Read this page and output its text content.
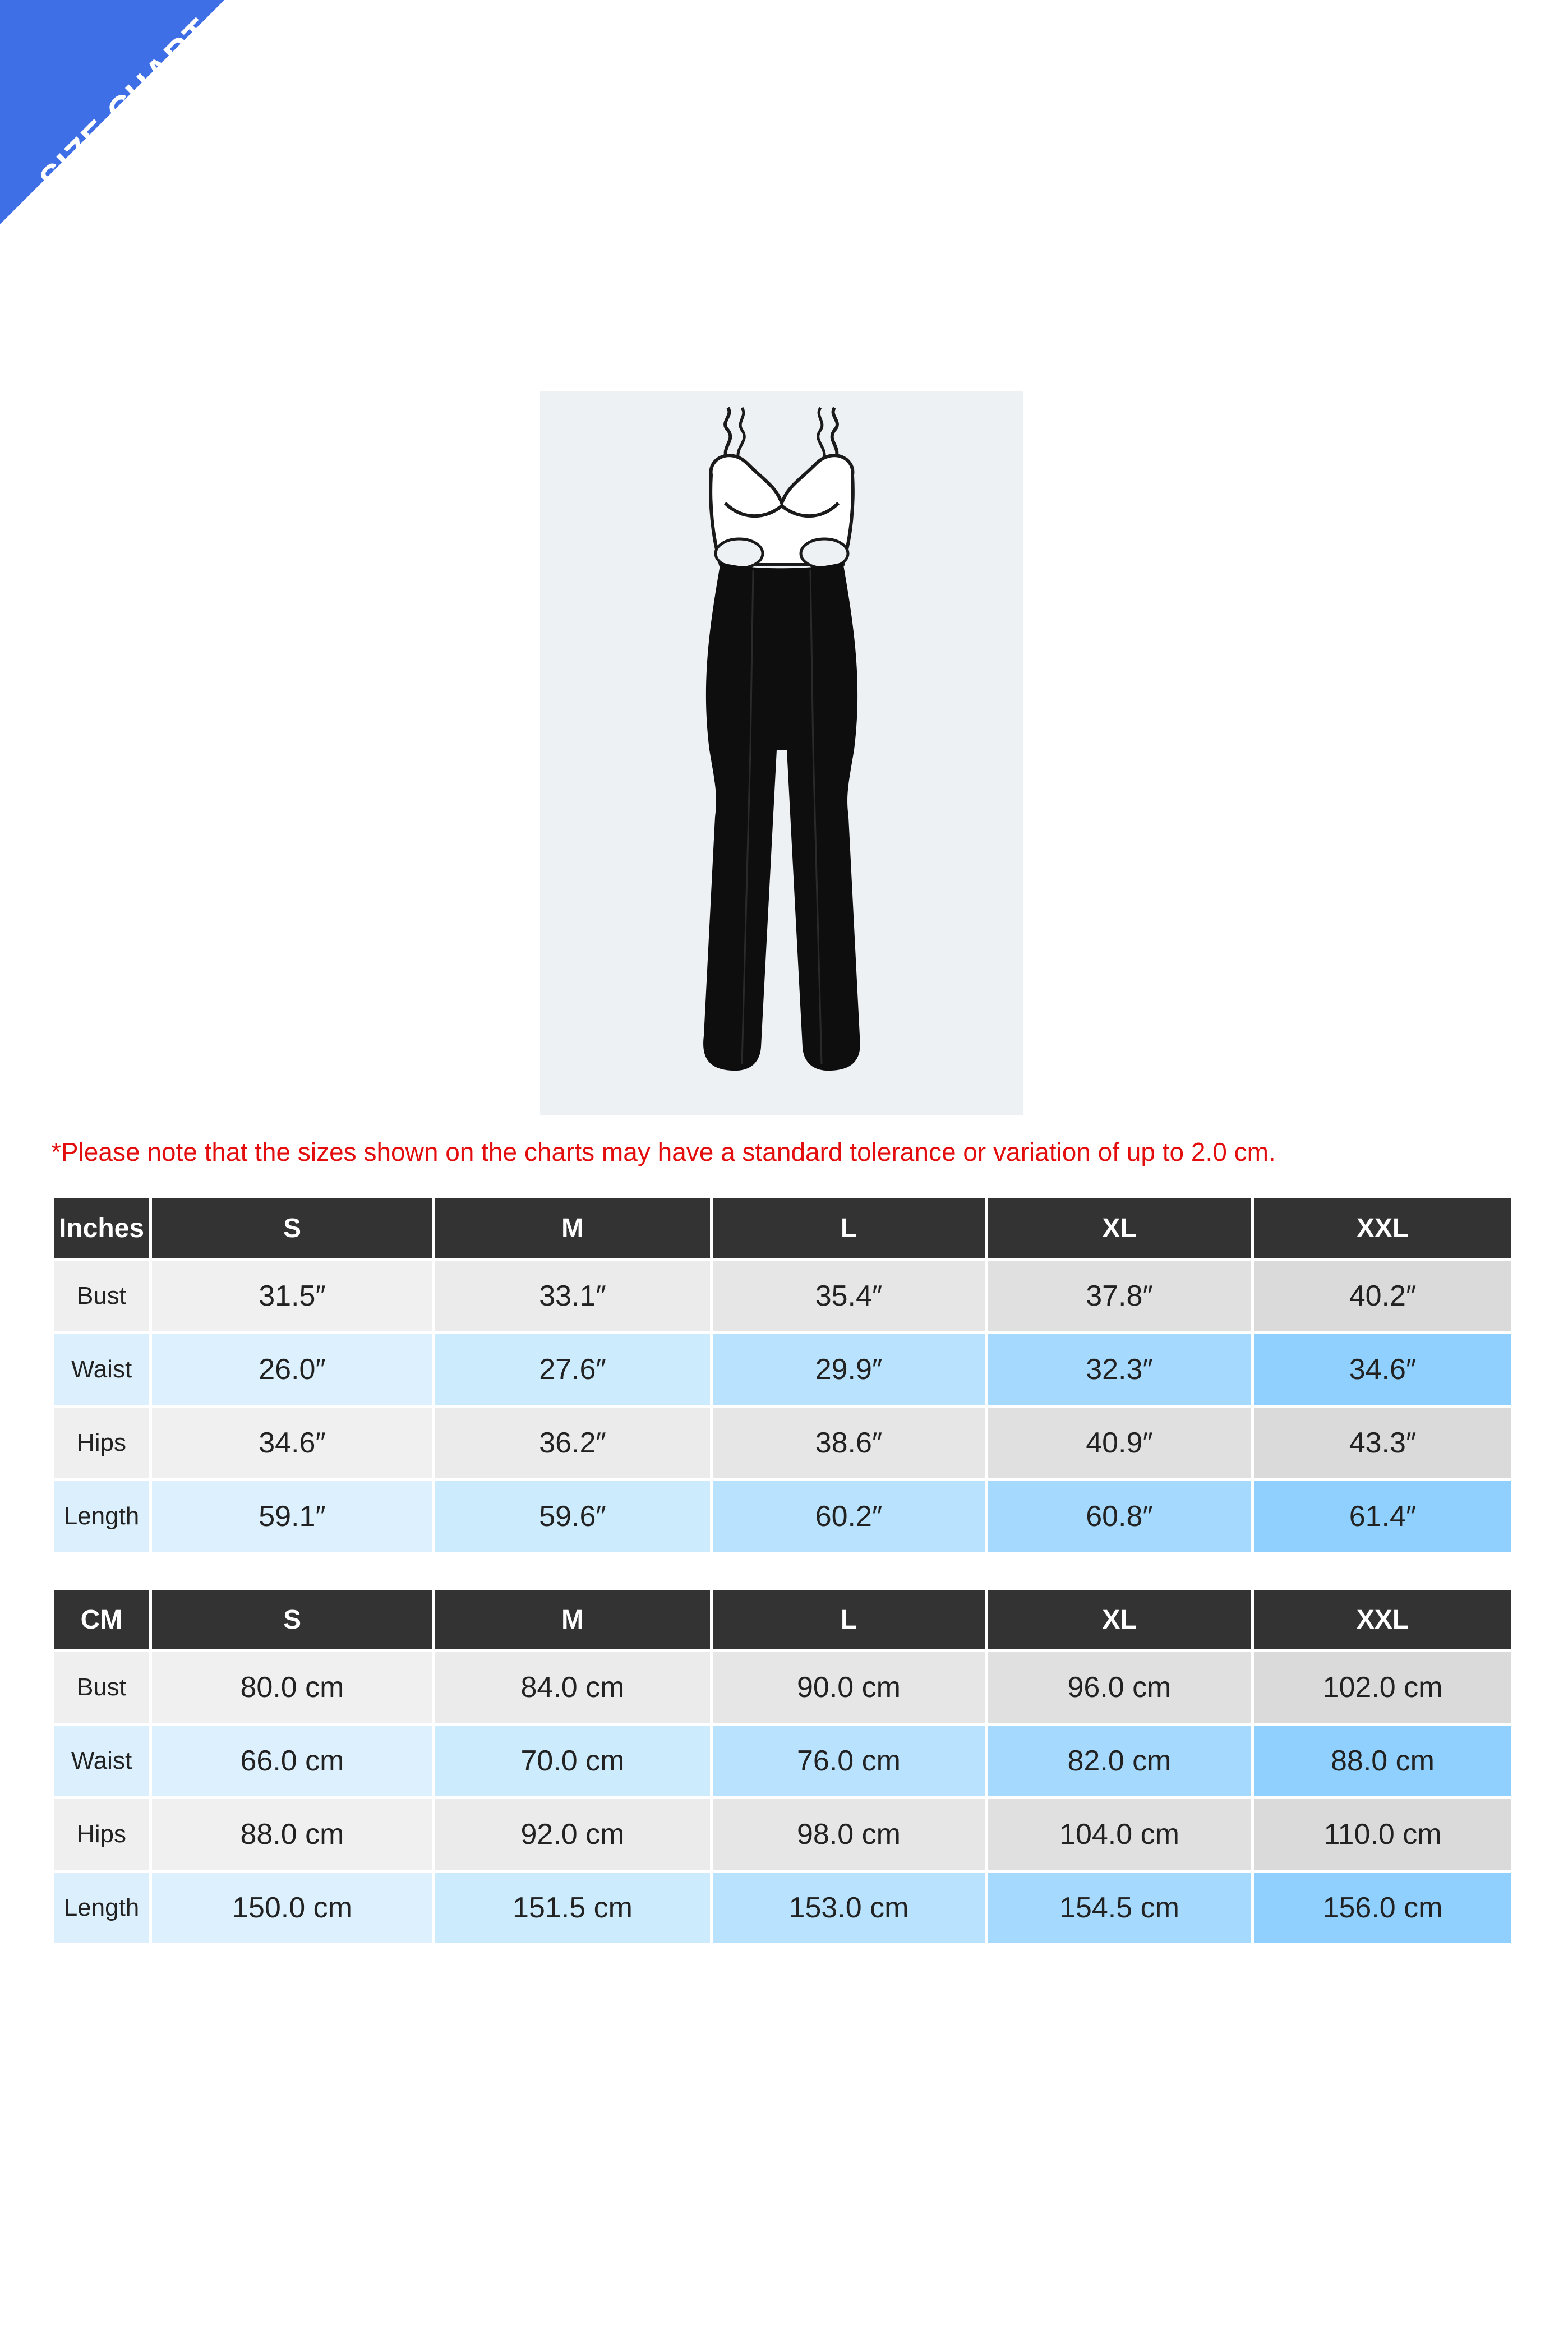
SIZE CHART
*Please note that the sizes shown on the charts may have a standard tolerance or variation of up to 2.0 cm.
Inches	S	M	L	XL	XXL
Bust	31.5″	33.1″	35.4″	37.8″	40.2″
Waist	26.0″	27.6″	29.9″	32.3″	34.6″
Hips	34.6″	36.2″	38.6″	40.9″	43.3″
Length	59.1″	59.6″	60.2″	60.8″	61.4″
CM	S	M	L	XL	XXL
Bust	80.0 cm	84.0 cm	90.0 cm	96.0 cm	102.0 cm
Waist	66.0 cm	70.0 cm	76.0 cm	82.0 cm	88.0 cm
Hips	88.0 cm	92.0 cm	98.0 cm	104.0 cm	110.0 cm
Length	150.0 cm	151.5 cm	153.0 cm	154.5 cm	156.0 cm
